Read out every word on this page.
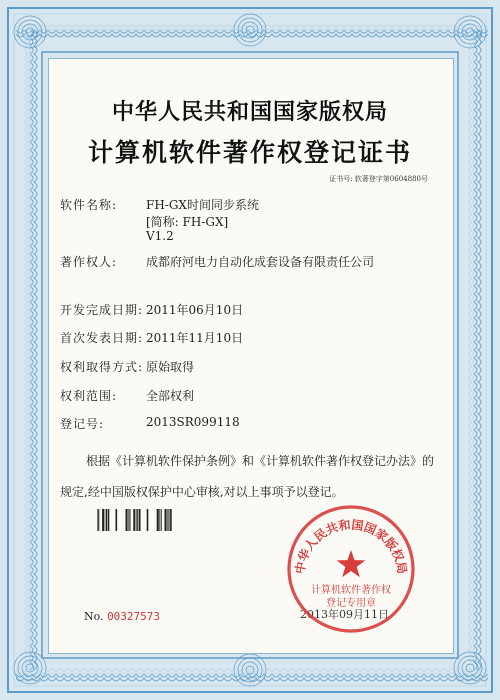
中华人民共和国国家版权局
计算机软件著作权登记证书
证书号: 软著登字第0604880号
软件名称: FH-GX时间同步系统
[简称: FH-GX]
V1.2
著作权人: 成都府河电力自动化成套设备有限责任公司
开发完成日期: 2011年06月10日
首次发表日期: 2011年11月10日
权利取得方式: 原始取得
权利范围: 全部权利
登记号:	2013SR099118
根据《计算机软件保护条例》和《计算机软件著作权登记办法》的
规定,经中国版权保护中心审核,对以上事项予以登记。
No. 00327573	2013年09月11日
中华人民共和国国家版权局
计算机软件著作权
登记专用章
